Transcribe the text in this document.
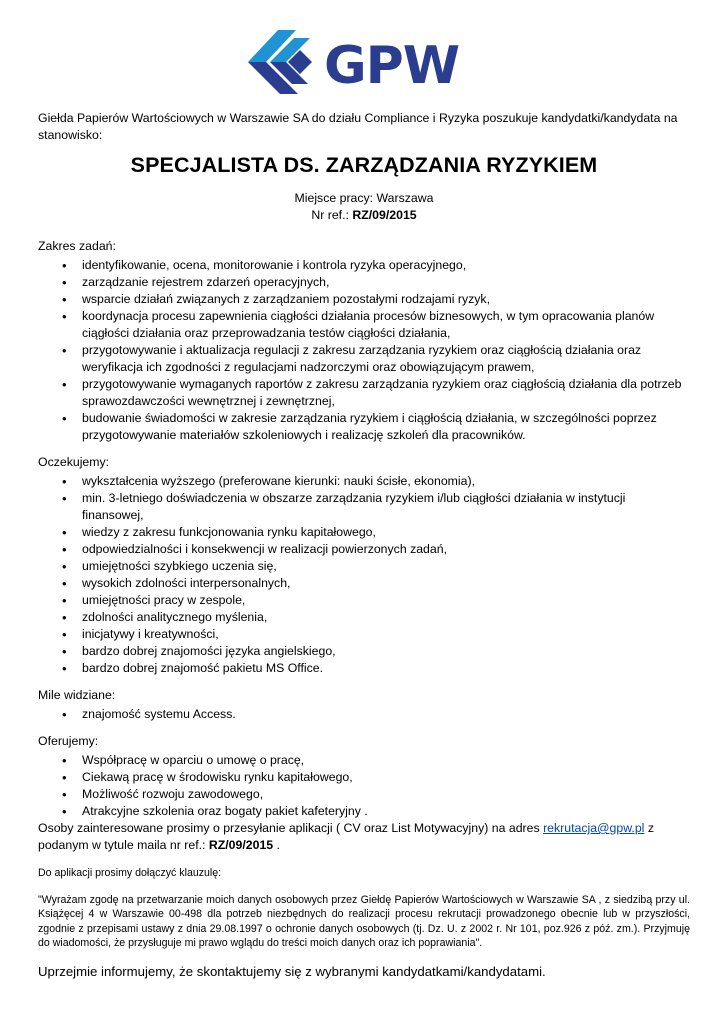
GPW

Giełda Papierów Wartościowych w Warszawie SA do działu Compliance i Ryzyka poszukuje kandydatki/kandydata na stanowisko:

SPECJALISTA DS. ZARZĄDZANIA RYZYKIEM
Miejsce pracy: Warszawa
Nr ref.: RZ/09/2015
Zakres zadań:
• identyfikowanie, ocena, monitorowanie i kontrola ryzyka operacyjnego,
• zarządzanie rejestrem zdarzeń operacyjnych,
• wsparcie działań związanych z zarządzaniem pozostałymi rodzajami ryzyk,
• koordynacja procesu zapewnienia ciągłości działania procesów biznesowych, w tym opracowania planów ciągłości działania oraz przeprowadzania testów ciągłości działania,
• przygotowywanie i aktualizacja regulacji z zakresu zarządzania ryzykiem oraz ciągłością działania oraz weryfikacja ich zgodności z regulacjami nadzorczymi oraz obowiązującym prawem,
• przygotowywanie wymaganych raportów z zakresu zarządzania ryzykiem oraz ciągłością działania dla potrzeb sprawozdawczości wewnętrznej i zewnętrznej,
• budowanie świadomości w zakresie zarządzania ryzykiem i ciągłością działania, w szczególności poprzez przygotowywanie materiałów szkoleniowych i realizację szkoleń dla pracowników.
Oczekujemy:
• wykształcenia wyższego (preferowane kierunki: nauki ścisłe, ekonomia),
• min. 3-letniego doświadczenia w obszarze zarządzania ryzykiem i/lub ciągłości działania w instytucji finansowej,
• wiedzy z zakresu funkcjonowania rynku kapitałowego,
• odpowiedzialności i konsekwencji w realizacji powierzonych zadań,
• umiejętności szybkiego uczenia się,
• wysokich zdolności interpersonalnych,
• umiejętności pracy w zespole,
• zdolności analitycznego myślenia,
• inicjatywy i kreatywności,
• bardzo dobrej znajomości języka angielskiego,
• bardzo dobrej znajomość pakietu MS Office.
Mile widziane:
• znajomość systemu Access.
Oferujemy:
• Współpracę w oparciu o umowę o pracę,
• Ciekawą pracę w środowisku rynku kapitałowego,
• Możliwość rozwoju zawodowego,
• Atrakcyjne szkolenia oraz bogaty pakiet kafeteryjny .

Osoby zainteresowane prosimy o przesyłanie aplikacji ( CV oraz List Motywacyjny) na adres rekrutacja@gpw.pl z podanym w tytule maila nr ref.: RZ/09/2015 .

Do aplikacji prosimy dołączyć klauzulę:

"Wyrażam zgodę na przetwarzanie moich danych osobowych przez Giełdę Papierów Wartościowych w Warszawie SA , z siedzibą przy ul. Książęcej 4 w Warszawie 00-498 dla potrzeb niezbędnych do realizacji procesu rekrutacji prowadzonego obecnie lub w przyszłości, zgodnie z przepisami ustawy z dnia 29.08.1997 o ochronie danych osobowych (tj. Dz. U. z 2002 r. Nr 101, poz.926 z póź. zm.). Przyjmuję do wiadomości, że przysługuje mi prawo wglądu do treści moich danych oraz ich poprawiania".

Uprzejmie informujemy, że skontaktujemy się z wybranymi kandydatkami/kandydatami.
